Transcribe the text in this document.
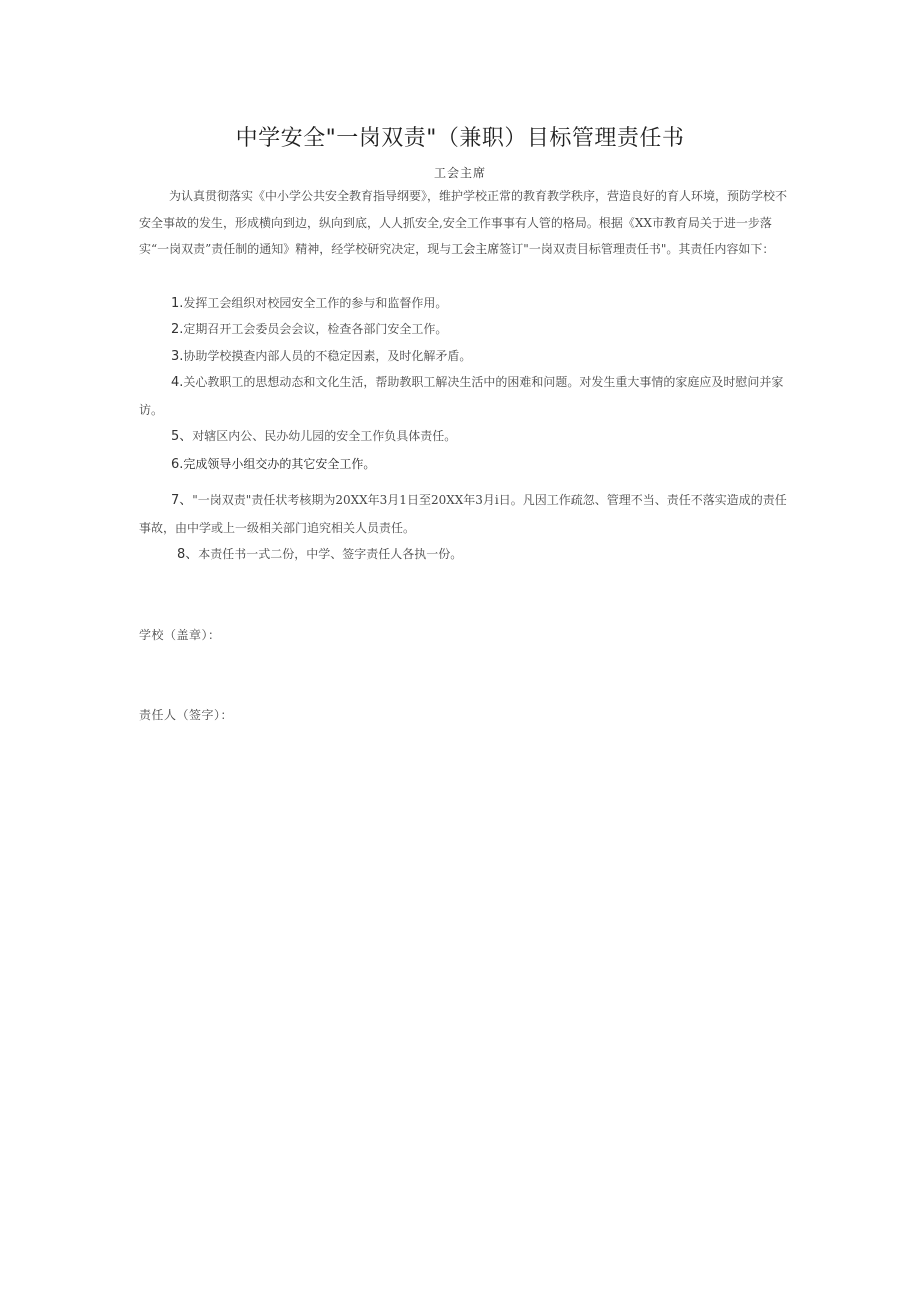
中学安全"一岗双责"（兼职）目标管理责任书
工会主席
为认真贯彻落实《中小学公共安全教育指导纲要》，维护学校正常的教育教学秩序，营造良好的育人环境，预防学校不安全事故的发生，形成横向到边，纵向到底，人人抓安全,安全工作事事有人管的格局。根据《XX市教育局关于进一步落实“一岗双责”责任制的通知》精神，经学校研究决定，现与工会主席签订"一岗双责目标管理责任书"。其责任内容如下：
1.发挥工会组织对校园安全工作的参与和监督作用。
2.定期召开工会委员会会议，检查各部门安全工作。
3.协助学校摸查内部人员的不稳定因素，及时化解矛盾。
4.关心教职工的思想动态和文化生活，帮助教职工解决生活中的困难和问题。对发生重大事情的家庭应及时慰问并家访。
5、对辖区内公、民办幼儿园的安全工作负具体责任。
6.完成领导小组交办的其它安全工作。
7、"一岗双责"责任状考核期为20XX年3月1日至20XX年3月i日。凡因工作疏忽、管理不当、责任不落实造成的责任事故，由中学或上一级相关部门追究相关人员责任。
8、本责任书一式二份，中学、签字责任人各执一份。
学校（盖章）：
责任人（签字）：
